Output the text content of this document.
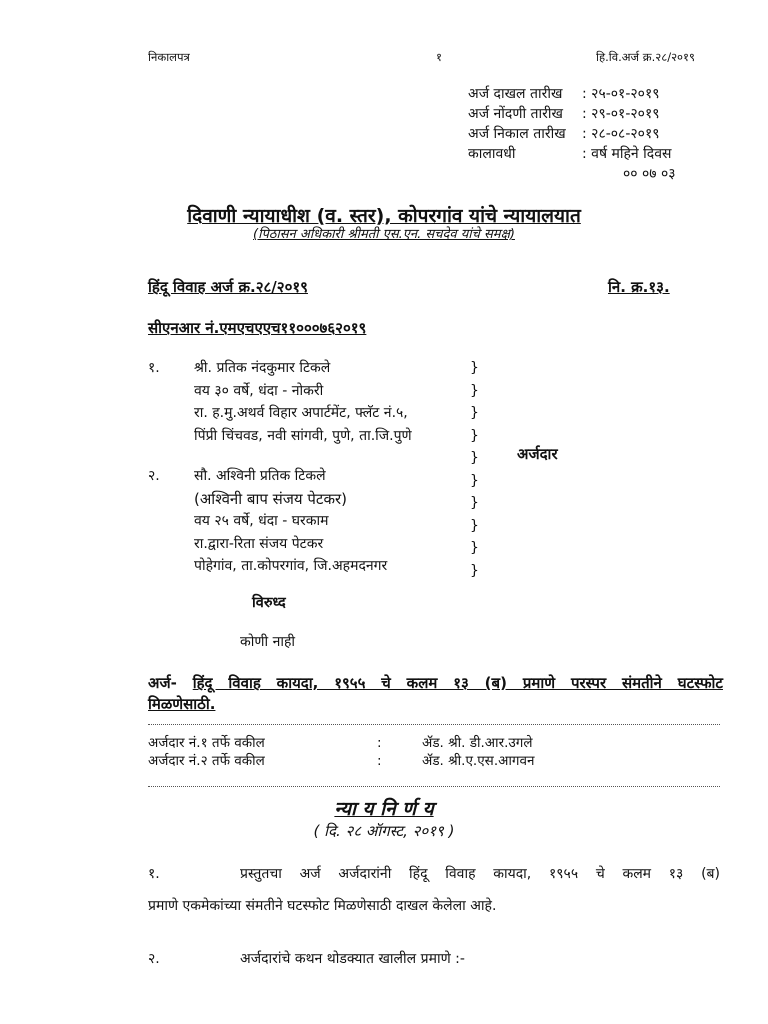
निकालपत्र	१	हि.वि.अर्ज क्र.२८/२०१९
अर्ज दाखल तारीख	: २५-०१-२०१९
अर्ज नोंदणी तारीख	: २९-०१-२०१९
अर्ज निकाल तारीख	: २८-०८-२०१९
कालावधी	: वर्ष महिने दिवस
०० ०७ ०३
दिवाणी न्यायाधीश (व. स्तर), कोपरगांव यांचे न्यायालयात
(पिठासन अधिकारी श्रीमती एस.एन. सचदेव यांचे समक्ष)
हिंदू विवाह अर्ज क्र.२८/२०१९	नि. क्र.१३.
सीएनआर नं.एमएचएएच११०००७६२०१९
१. श्री. प्रतिक नंदकुमार टिकले
वय ३० वर्षे, धंदा - नोकरी
रा. ह.मु.अथर्व विहार अपार्टमेंट, फ्लॅट नं.५,
पिंप्री चिंचवड, नवी सांगवी, पुणे, ता.जि.पुणे
}
}
}
}
}
}
}
}
}
}
अर्जदार
२. सौ. अश्विनी प्रतिक टिकले
(अश्विनी बाप संजय पेटकर)
वय २५ वर्षे, धंदा - घरकाम
रा.द्वारा-रिता संजय पेटकर
पोहेगांव, ता.कोपरगांव, जि.अहमदनगर
विरुध्द
कोणी नाही
अर्ज- हिंदू विवाह कायदा, १९५५ चे कलम १३ (ब) प्रमाणे परस्पर संमतीने घटस्फोट
मिळणेसाठी.
अर्जदार नं.१ तर्फे वकील	:	ॲड. श्री. डी.आर.उगले
अर्जदार नं.२ तर्फे वकील	:	ॲड. श्री.ए.एस.आगवन
न्या य नि र्ण य
( दि. २८ ऑगस्ट, २०१९ )
१.	प्रस्तुतचा अर्ज अर्जदारांनी हिंदू विवाह कायदा, १९५५ चे कलम १३ (ब)
प्रमाणे एकमेकांच्या संमतीने घटस्फोट मिळणेसाठी दाखल केलेला आहे.
२.	अर्जदारांचे कथन थोडक्यात खालील प्रमाणे :-
